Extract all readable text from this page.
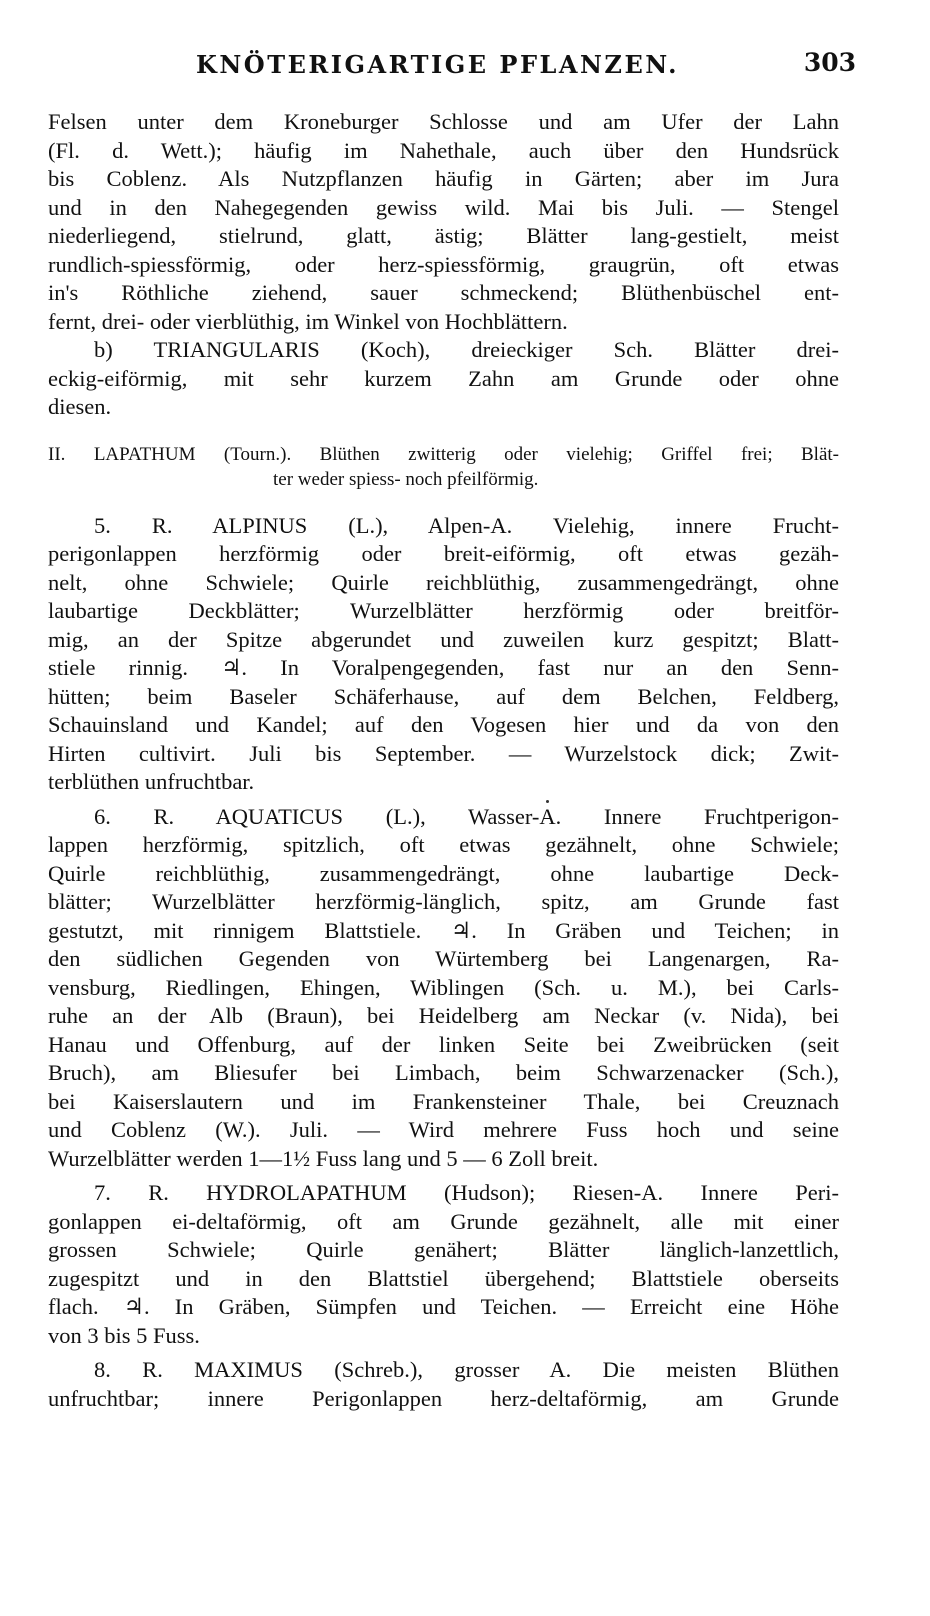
KNÖTERIGARTIGE PFLANZEN.	303
Felsen unter dem Kroneburger Schlosse und am Ufer der Lahn
(Fl. d. Wett.); häufig im Nahethale, auch über den Hundsrück
bis Coblenz. Als Nutzpflanzen häufig in Gärten; aber im Jura
und in den Nahegegenden gewiss wild. Mai bis Juli. — Stengel
niederliegend, stielrund, glatt, ästig; Blätter lang-gestielt, meist
rundlich-spiessförmig, oder herz-spiessförmig, graugrün, oft etwas
in's Röthliche ziehend, sauer schmeckend; Blüthenbüschel ent-
fernt, drei- oder vierblüthig, im Winkel von Hochblättern.
b) TRIANGULARIS (Koch), dreieckiger Sch. Blätter drei-
eckig-eiförmig, mit sehr kurzem Zahn am Grunde oder ohne
diesen.
II. LAPATHUM (Tourn.). Blüthen zwitterig oder vielehig; Griffel frei; Blät-
ter weder spiess- noch pfeilförmig.
5. R. ALPINUS (L.), Alpen-A. Vielehig, innere Frucht-
perigonlappen herzförmig oder breit-eiförmig, oft etwas gezäh-
nelt, ohne Schwiele; Quirle reichblüthig, zusammengedrängt, ohne
laubartige Deckblätter; Wurzelblätter herzförmig oder breitför-
mig, an der Spitze abgerundet und zuweilen kurz gespitzt; Blatt-
stiele rinnig. ♃. In Voralpengegenden, fast nur an den Senn-
hütten; beim Baseler Schäferhause, auf dem Belchen, Feldberg,
Schauinsland und Kandel; auf den Vogesen hier und da von den
Hirten cultivirt. Juli bis September. — Wurzelstock dick; Zwit-
terblüthen unfruchtbar.
6. R. AQUATICUS (L.), Wasser-A. Innere Fruchtperigon-
lappen herzförmig, spitzlich, oft etwas gezähnelt, ohne Schwiele;
Quirle reichblüthig, zusammengedrängt, ohne laubartige Deck-
blätter; Wurzelblätter herzförmig-länglich, spitz, am Grunde fast
gestutzt, mit rinnigem Blattstiele. ♃. In Gräben und Teichen; in
den südlichen Gegenden von Würtemberg bei Langenargen, Ra-
vensburg, Riedlingen, Ehingen, Wiblingen (Sch. u. M.), bei Carls-
ruhe an der Alb (Braun), bei Heidelberg am Neckar (v. Nida), bei
Hanau und Offenburg, auf der linken Seite bei Zweibrücken (seit
Bruch), am Bliesufer bei Limbach, beim Schwarzenacker (Sch.),
bei Kaiserslautern und im Frankensteiner Thale, bei Creuznach
und Coblenz (W.). Juli. — Wird mehrere Fuss hoch und seine
Wurzelblätter werden 1—1½ Fuss lang und 5 — 6 Zoll breit.
7. R. HYDROLAPATHUM (Hudson); Riesen-A. Innere Peri-
gonlappen ei-deltaförmig, oft am Grunde gezähnelt, alle mit einer
grossen Schwiele; Quirle genähert; Blätter länglich-lanzettlich,
zugespitzt und in den Blattstiel übergehend; Blattstiele oberseits
flach. ♃. In Gräben, Sümpfen und Teichen. — Erreicht eine Höhe
von 3 bis 5 Fuss.
8. R. MAXIMUS (Schreb.), grosser A. Die meisten Blüthen
unfruchtbar; innere Perigonlappen herz-deltaförmig, am Grunde
